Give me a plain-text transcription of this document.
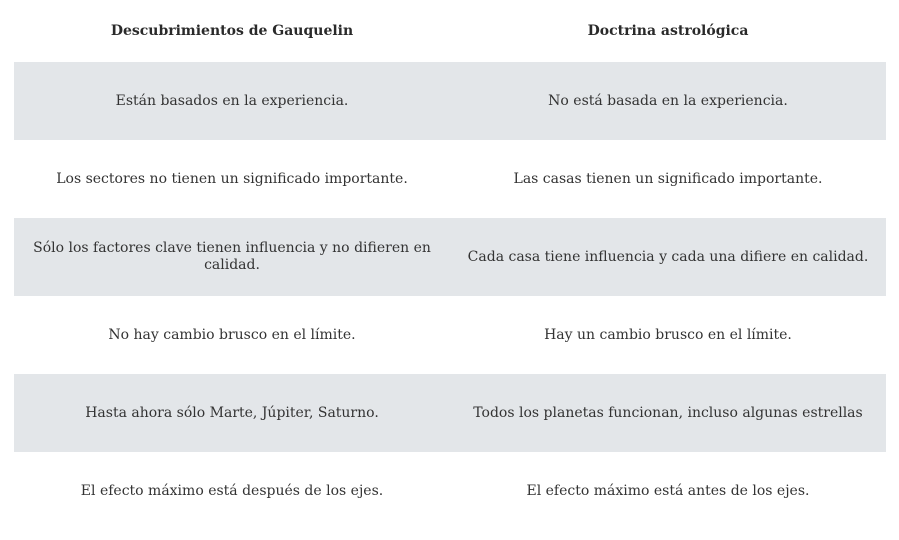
Descubrimientos de Gauquelin	Doctrina astrológica
Están basados en la experiencia.	No está basada en la experiencia.
Los sectores no tienen un significado importante.	Las casas tienen un significado importante.
Sólo los factores clave tienen influencia y no difieren en calidad.	Cada casa tiene influencia y cada una difiere en calidad.
No hay cambio brusco en el límite.	Hay un cambio brusco en el límite.
Hasta ahora sólo Marte, Júpiter, Saturno.	Todos los planetas funcionan, incluso algunas estrellas
El efecto máximo está después de los ejes.	El efecto máximo está antes de los ejes.
